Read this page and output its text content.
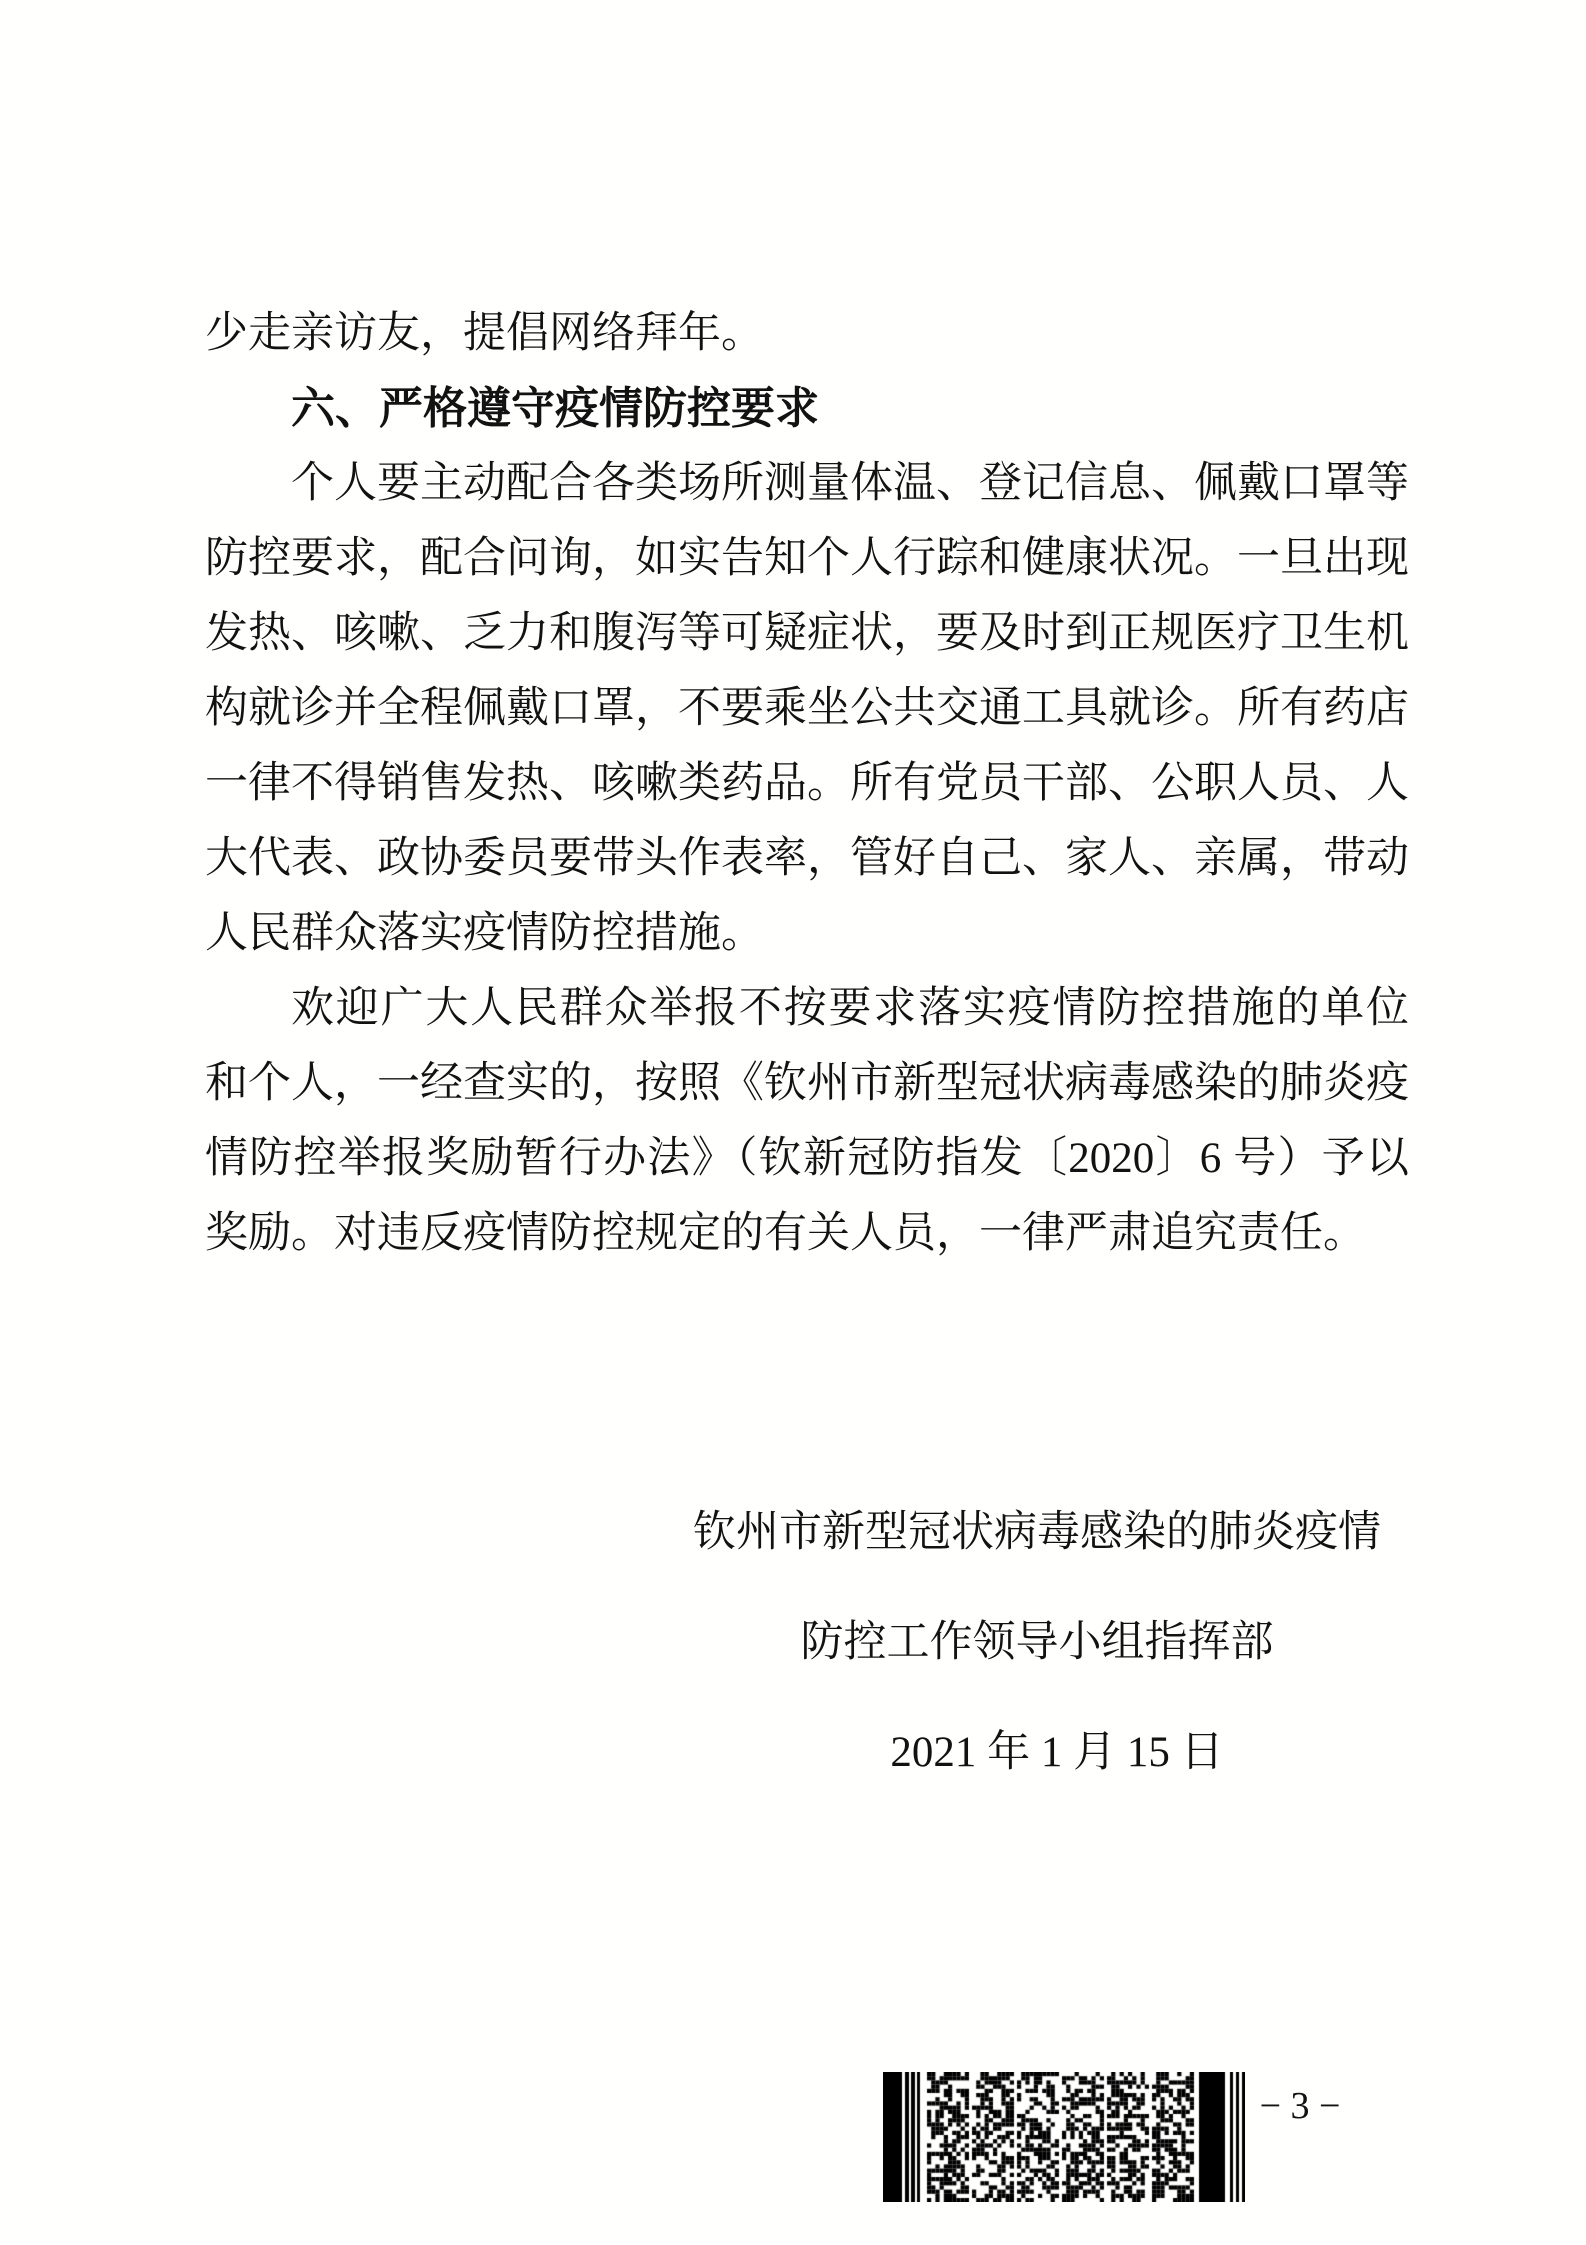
少走亲访友，提倡网络拜年。
六、严格遵守疫情防控要求
个人要主动配合各类场所测量体温、登记信息、佩戴口罩等
防控要求，配合问询，如实告知个人行踪和健康状况。一旦出现
发热、咳嗽、乏力和腹泻等可疑症状，要及时到正规医疗卫生机
构就诊并全程佩戴口罩，不要乘坐公共交通工具就诊。所有药店
一律不得销售发热、咳嗽类药品。所有党员干部、公职人员、人
大代表、政协委员要带头作表率，管好自己、家人、亲属，带动
人民群众落实疫情防控措施。
欢迎广大人民群众举报不按要求落实疫情防控措施的单位
和个人，一经查实的，按照《钦州市新型冠状病毒感染的肺炎疫
情防控举报奖励暂行办法》（钦新冠防指发〔2020〕6 号）予以
奖励。对违反疫情防控规定的有关人员，一律严肃追究责任。
钦州市新型冠状病毒感染的肺炎疫情
防控工作领导小组指挥部
2021 年 1 月 15 日
− 3 −
